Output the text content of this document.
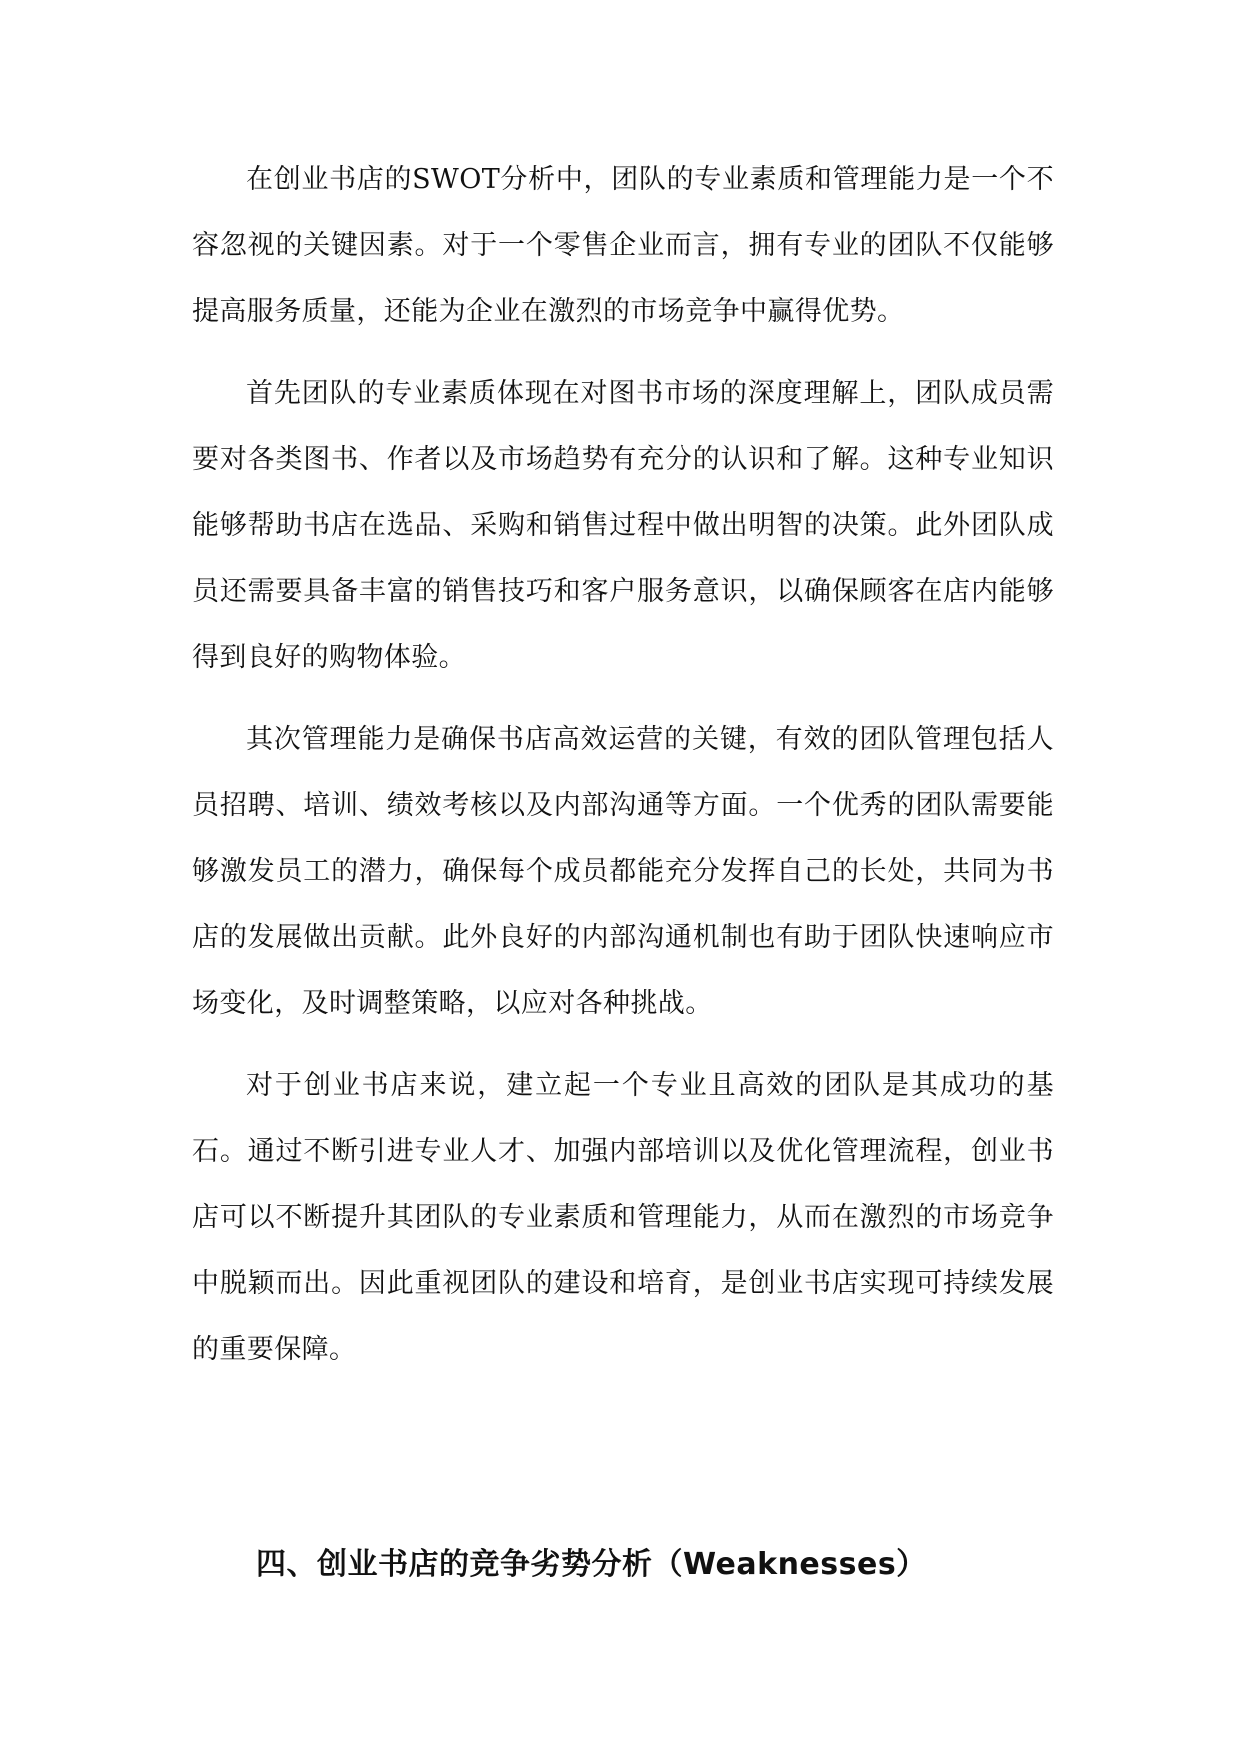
在创业书店的SWOT分析中，团队的专业素质和管理能力是一个不容忽视的关键因素。对于一个零售企业而言，拥有专业的团队不仅能够提高服务质量，还能为企业在激烈的市场竞争中赢得优势。

首先团队的专业素质体现在对图书市场的深度理解上，团队成员需要对各类图书、作者以及市场趋势有充分的认识和了解。这种专业知识能够帮助书店在选品、采购和销售过程中做出明智的决策。此外团队成员还需要具备丰富的销售技巧和客户服务意识，以确保顾客在店内能够得到良好的购物体验。

其次管理能力是确保书店高效运营的关键，有效的团队管理包括人员招聘、培训、绩效考核以及内部沟通等方面。一个优秀的团队需要能够激发员工的潜力，确保每个成员都能充分发挥自己的长处，共同为书店的发展做出贡献。此外良好的内部沟通机制也有助于团队快速响应市场变化，及时调整策略，以应对各种挑战。

对于创业书店来说，建立起一个专业且高效的团队是其成功的基石。通过不断引进专业人才、加强内部培训以及优化管理流程，创业书店可以不断提升其团队的专业素质和管理能力，从而在激烈的市场竞争中脱颖而出。因此重视团队的建设和培育，是创业书店实现可持续发展的重要保障。

四、创业书店的竞争劣势分析（Weaknesses）
